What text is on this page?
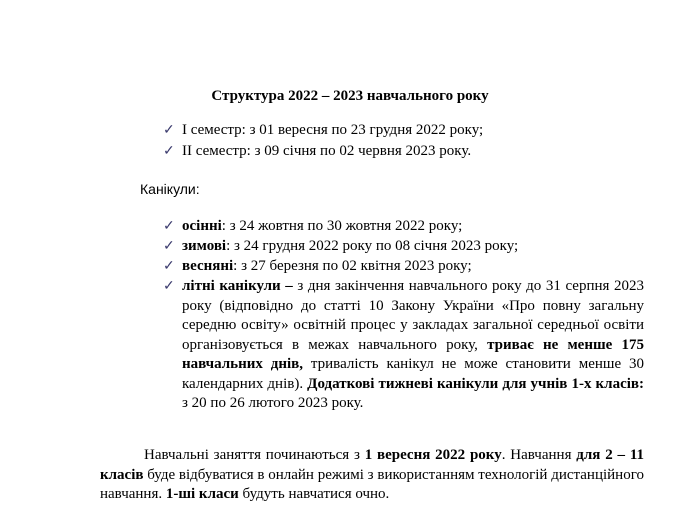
Структура 2022 – 2023 навчального року
✓ І семестр: з 01 вересня по 23 грудня 2022 року;
✓ ІІ семестр: з 09 січня по 02 червня 2023 року.
Канікули:
✓ осінні: з 24 жовтня по 30 жовтня 2022 року;
✓ зимові: з 24 грудня 2022 року по 08 січня 2023 року;
✓ весняні: з 27 березня по 02 квітня 2023 року;
✓ літні канікули – з дня закінчення навчального року до 31 серпня 2023 року (відповідно до статті 10 Закону України «Про повну загальну середню освіту» освітній процес у закладах загальної середньої освіти організовується в межах навчального року, триває не менше 175 навчальних днів, тривалість канікул не може становити менше 30 календарних днів). Додаткові тижневі канікули для учнів 1-х класів: з 20 по 26 лютого 2023 року.
Навчальні заняття починаються з 1 вересня 2022 року. Навчання для 2 – 11 класів буде відбуватися в онлайн режимі з використанням технологій дистанційного навчання. 1-ші класи будуть навчатися очно.
